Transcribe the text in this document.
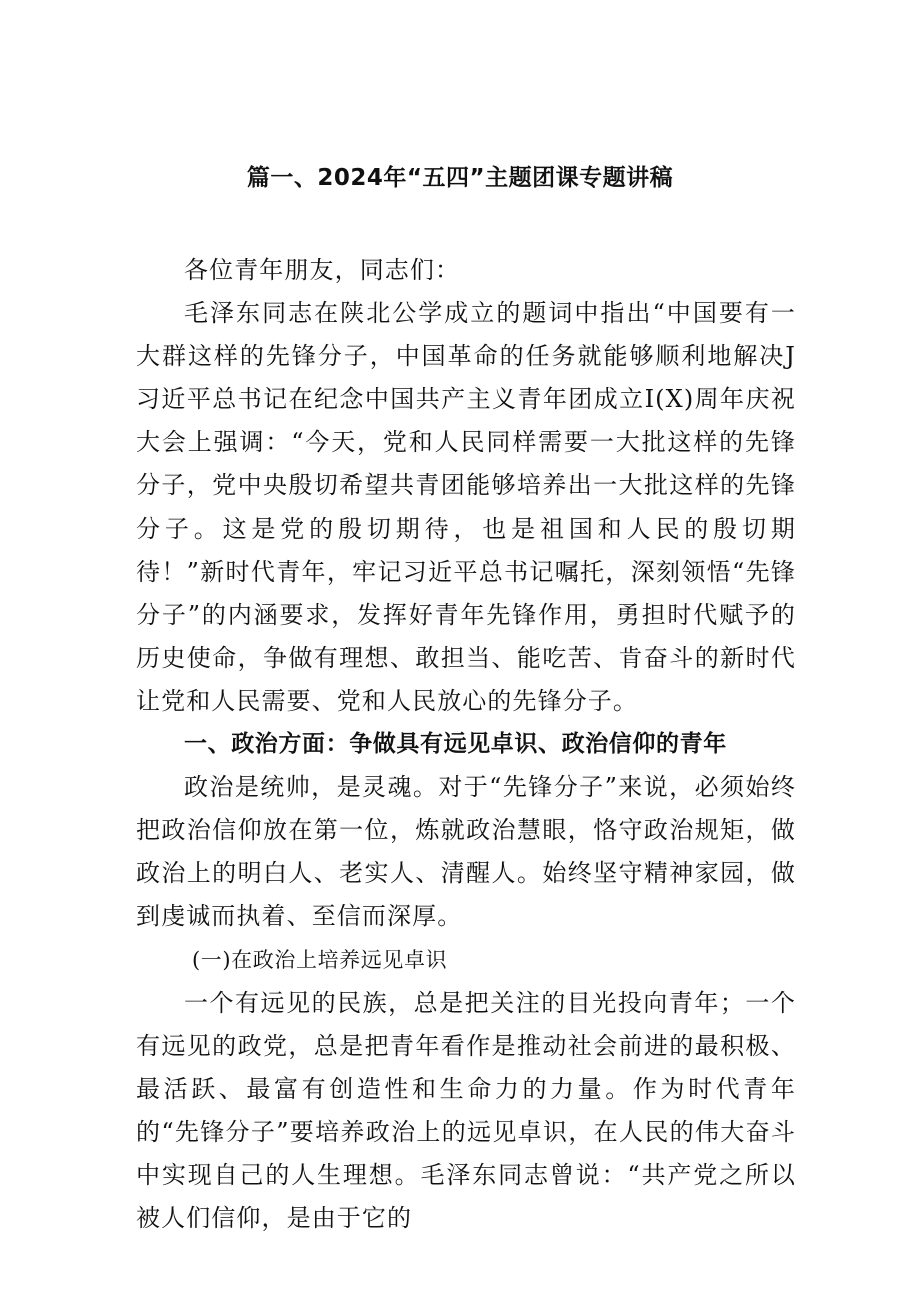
篇一、2024年“五四”主题团课专题讲稿

各位青年朋友，同志们：

毛泽东同志在陕北公学成立的题词中指出“中国要有一大群这样的先锋分子，中国革命的任务就能够顺利地解决J习近平总书记在纪念中国共产主义青年团成立I(X)周年庆祝大会上强调：“今天，党和人民同样需要一大批这样的先锋分子，党中央殷切希望共青团能够培养出一大批这样的先锋分子。这是党的殷切期待，也是祖国和人民的殷切期待！”新时代青年，牢记习近平总书记嘱托，深刻领悟“先锋分子”的内涵要求，发挥好青年先锋作用，勇担时代赋予的历史使命，争做有理想、敢担当、能吃苦、肯奋斗的新时代让党和人民需要、党和人民放心的先锋分子。

一、政治方面：争做具有远见卓识、政治信仰的青年

政治是统帅，是灵魂。对于“先锋分子”来说，必须始终把政治信仰放在第一位，炼就政治慧眼，恪守政治规矩，做政治上的明白人、老实人、清醒人。始终坚守精神家园，做到虔诚而执着、至信而深厚。

(一)在政治上培养远见卓识

一个有远见的民族，总是把关注的目光投向青年；一个有远见的政党，总是把青年看作是推动社会前进的最积极、最活跃、最富有创造性和生命力的力量。作为时代青年的“先锋分子”要培养政治上的远见卓识，在人民的伟大奋斗中实现自己的人生理想。毛泽东同志曾说：“共产党之所以被人们信仰，是由于它的
